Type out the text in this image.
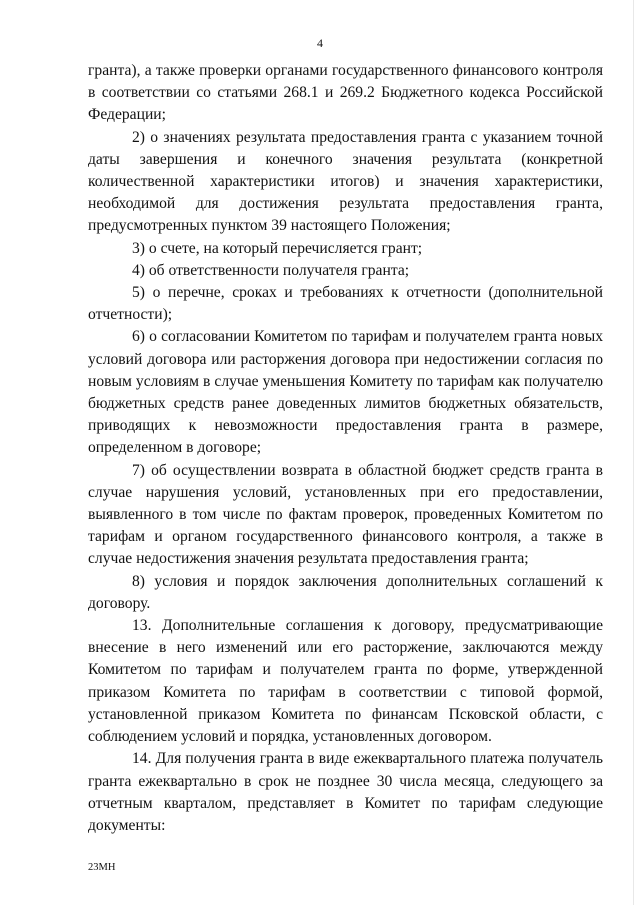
4

гранта), а также проверки органами государственного финансового контроля в соответствии со статьями 268.1 и 269.2 Бюджетного кодекса Российской Федерации;

2) о значениях результата предоставления гранта с указанием точной даты завершения и конечного значения результата (конкретной количественной характеристики итогов) и значения характеристики, необходимой для достижения результата предоставления гранта, предусмотренных пунктом 39 настоящего Положения;

3) о счете, на который перечисляется грант;

4) об ответственности получателя гранта;

5) о перечне, сроках и требованиях к отчетности (дополнительной отчетности);

6) о согласовании Комитетом по тарифам и получателем гранта новых условий договора или расторжения договора при недостижении согласия по новым условиям в случае уменьшения Комитету по тарифам как получателю бюджетных средств ранее доведенных лимитов бюджетных обязательств, приводящих к невозможности предоставления гранта в размере, определенном в договоре;

7) об осуществлении возврата в областной бюджет средств гранта в случае нарушения условий, установленных при его предоставлении, выявленного в том числе по фактам проверок, проведенных Комитетом по тарифам и органом государственного финансового контроля, а также в случае недостижения значения результата предоставления гранта;

8) условия и порядок заключения дополнительных соглашений к договору.

13. Дополнительные соглашения к договору, предусматривающие внесение в него изменений или его расторжение, заключаются между Комитетом по тарифам и получателем гранта по форме, утвержденной приказом Комитета по тарифам в соответствии с типовой формой, установленной приказом Комитета по финансам Псковской области, с соблюдением условий и порядка, установленных договором.

14. Для получения гранта в виде ежеквартального платежа получатель гранта ежеквартально в срок не позднее 30 числа месяца, следующего за отчетным кварталом, представляет в Комитет по тарифам следующие документы:

23МН
